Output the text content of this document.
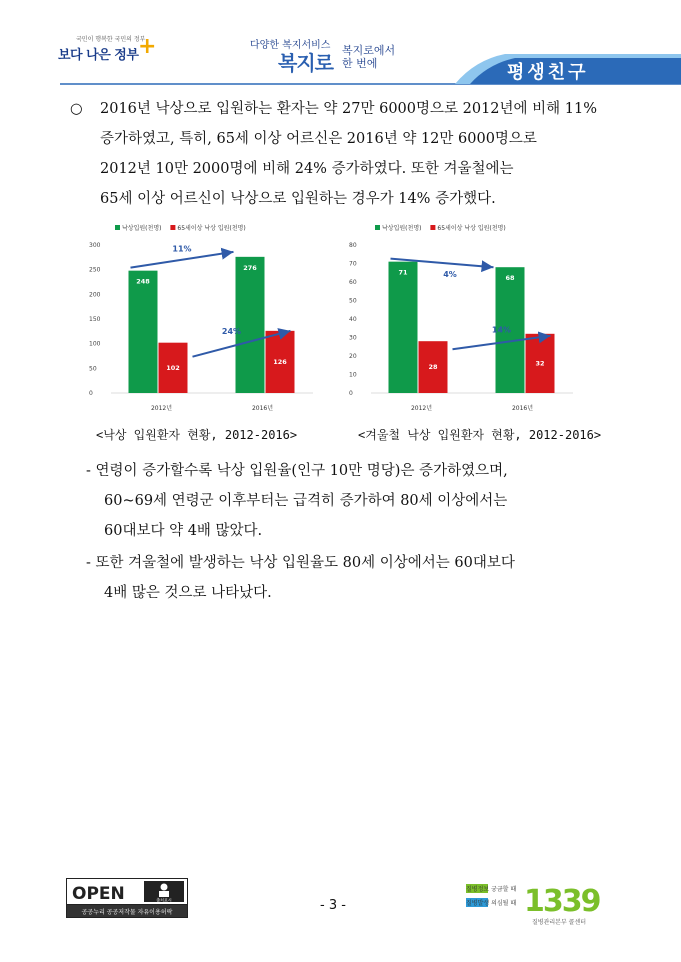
국민이 행복한 국민의 정부
보다 나은 정부 +	다양한 복지서비스
복지로
복지로에서
한 번에	평생친구
○ 2016년 낙상으로 입원하는 환자는 약 27만 6000명으로 2012년에 비해 11%
증가하였고, 특히, 65세 이상 어르신은 2016년 약 12만 6000명으로
2012년 10만 2000명에 비해 24% 증가하였다. 또한 겨울철에는
65세 이상 어르신이 낙상으로 입원하는 경우가 14% 증가했다.
낙상입원(천명)	65세이상 낙상 입원(천명)
0
50
100
150
200
250
300
248
102
2012년
276
126
2016년
11%
24%
낙상입원(천명)	65세이상 낙상 입원(천명)
0
10
20
30
40
50
60
70
80
71
28
2012년
68
32
2016년
4%
14%
<낙상 입원환자 현황, 2012-2016>	<겨울철 낙상 입원환자 현황, 2012-2016>
- 연령이 증가할수록 낙상 입원율(인구 10만 명당)은 증가하였으며,
60~69세 연령군 이후부터는 급격히 증가하여 80세 이상에서는
60대보다 약 4배 많았다.
- 또한 겨울철에 발생하는 낙상 입원율도 80세 이상에서는 60대보다
4배 많은 것으로 나타났다.
OPEN	출처표시
공공누리 공공저작물 자유이용허락	- 3 -
질병정보 궁금할 때
질병발생 의심될 때 1339
질병관리본부 콜센터
